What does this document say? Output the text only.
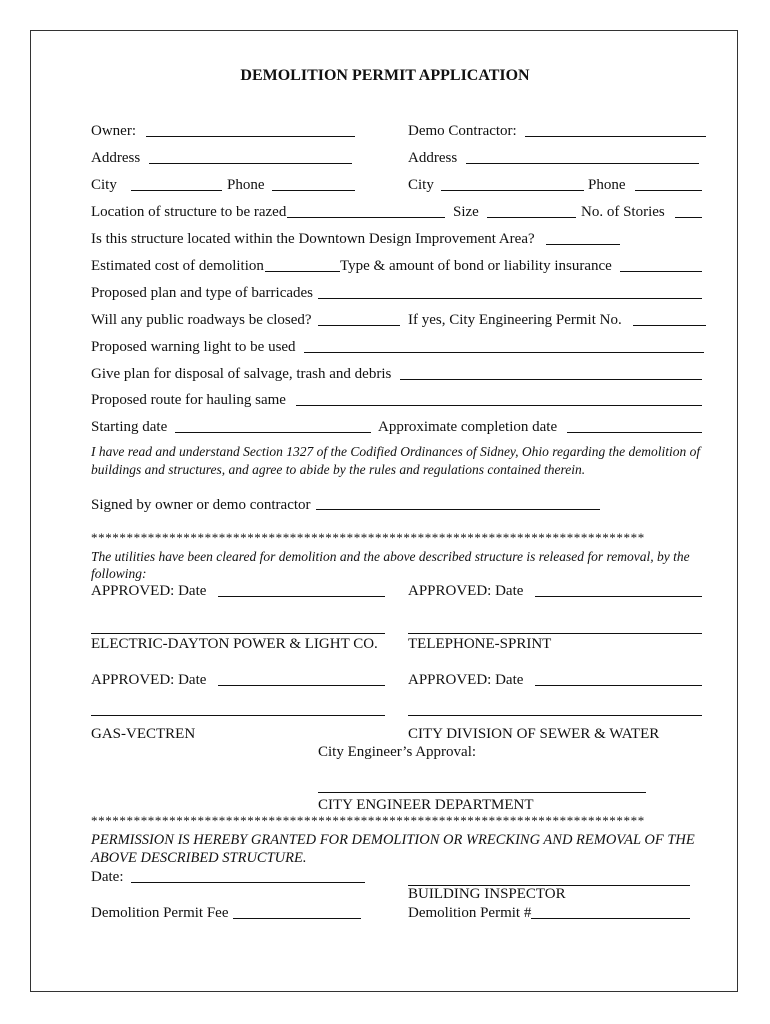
DEMOLITION PERMIT APPLICATION
Owner:	Demo Contractor:
Address	Address
City	Phone	City	Phone
Location of structure to be razed	Size	No. of Stories
Is this structure located within the Downtown Design Improvement Area?
Estimated cost of demolition	Type & amount of bond or liability insurance
Proposed plan and type of barricades
Will any public roadways be closed?	If yes, City Engineering Permit No.
Proposed warning light to be used
Give plan for disposal of salvage, trash and debris
Proposed route for hauling same
Starting date	Approximate completion date
I have read and understand Section 1327 of the Codified Ordinances of Sidney, Ohio regarding the demolition of buildings and structures, and agree to abide by the rules and regulations contained therein.
Signed by owner or demo contractor
******************************************************************************
The utilities have been cleared for demolition and the above described structure is released for removal, by the following:
APPROVED: Date	APPROVED: Date
ELECTRIC-DAYTON POWER & LIGHT CO. TELEPHONE-SPRINT
APPROVED: Date	APPROVED: Date
GAS-VECTREN	CITY DIVISION OF SEWER & WATER
City Engineer’s Approval:
CITY ENGINEER DEPARTMENT
******************************************************************************
PERMISSION IS HEREBY GRANTED FOR DEMOLITION OR WRECKING AND REMOVAL OF THE ABOVE DESCRIBED STRUCTURE.
Date:
BUILDING INSPECTOR
Demolition Permit Fee	Demolition Permit #
